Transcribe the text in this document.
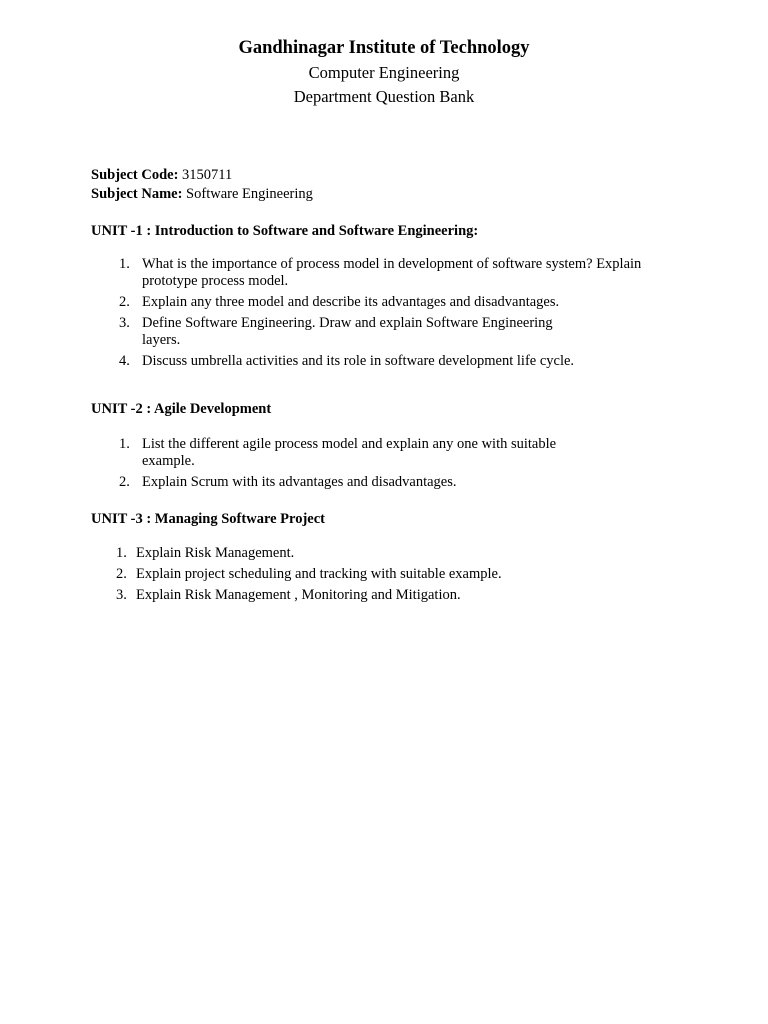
Gandhinagar Institute of Technology

Computer Engineering

Department Question Bank

Subject Code: 3150711
Subject Name: Software Engineering

UNIT -1 : Introduction to Software and Software Engineering:

1. What is the importance of process model in development of software system? Explain
prototype process model.
2. Explain any three model and describe its advantages and disadvantages.
3. Define Software Engineering. Draw and explain Software Engineering
layers.
4. Discuss umbrella activities and its role in software development life cycle.

UNIT -2 : Agile Development

1. List the different agile process model and explain any one with suitable
example.
2. Explain Scrum with its advantages and disadvantages.

UNIT -3 : Managing Software Project

1. Explain Risk Management.
2. Explain project scheduling and tracking with suitable example.
3. Explain Risk Management , Monitoring and Mitigation.
